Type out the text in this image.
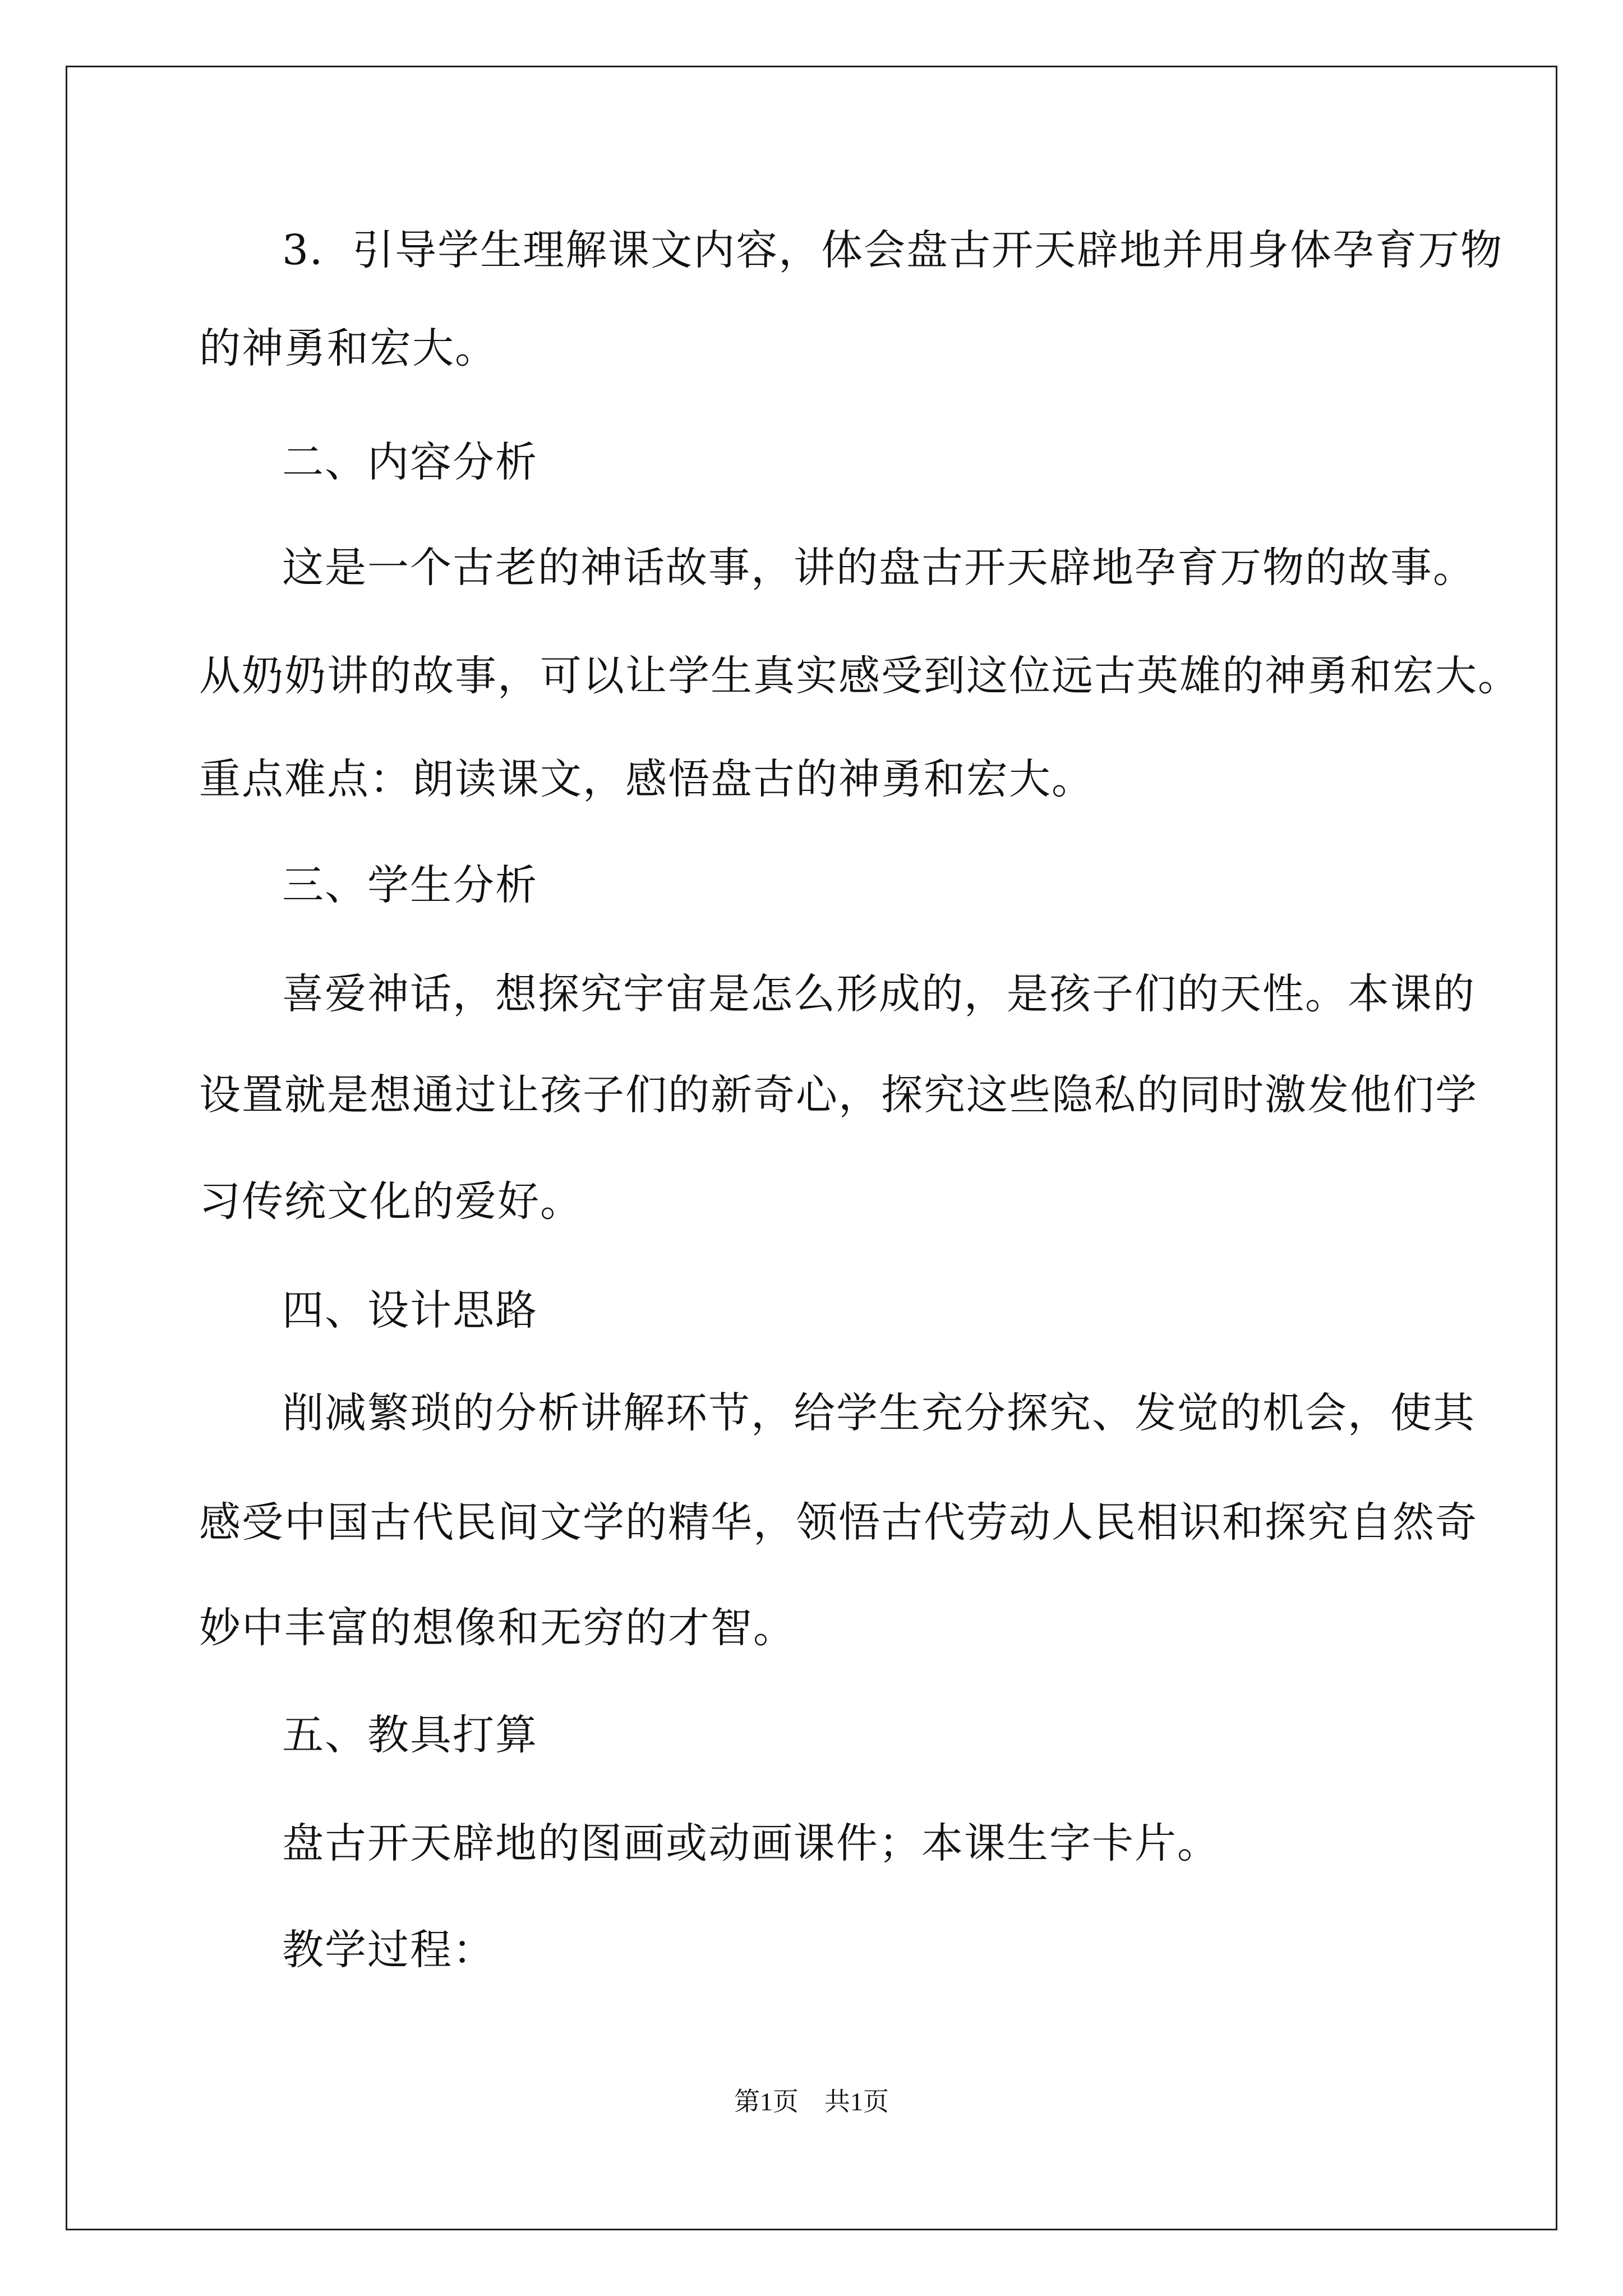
3．引导学生理解课文内容，体会盘古开天辟地并用身体孕育万物

的神勇和宏大。

二、内容分析

这是一个古老的神话故事，讲的盘古开天辟地孕育万物的故事。

从奶奶讲的故事，可以让学生真实感受到这位远古英雄的神勇和宏大。

重点难点：朗读课文，感悟盘古的神勇和宏大。

三、学生分析

喜爱神话，想探究宇宙是怎么形成的，是孩子们的天性。本课的

设置就是想通过让孩子们的新奇心，探究这些隐私的同时激发他们学

习传统文化的爱好。

四、设计思路

削减繁琐的分析讲解环节，给学生充分探究、发觉的机会，使其

感受中国古代民间文学的精华，领悟古代劳动人民相识和探究自然奇

妙中丰富的想像和无穷的才智。

五、教具打算

盘古开天辟地的图画或动画课件；本课生字卡片。

教学过程：

第1页　共1页
